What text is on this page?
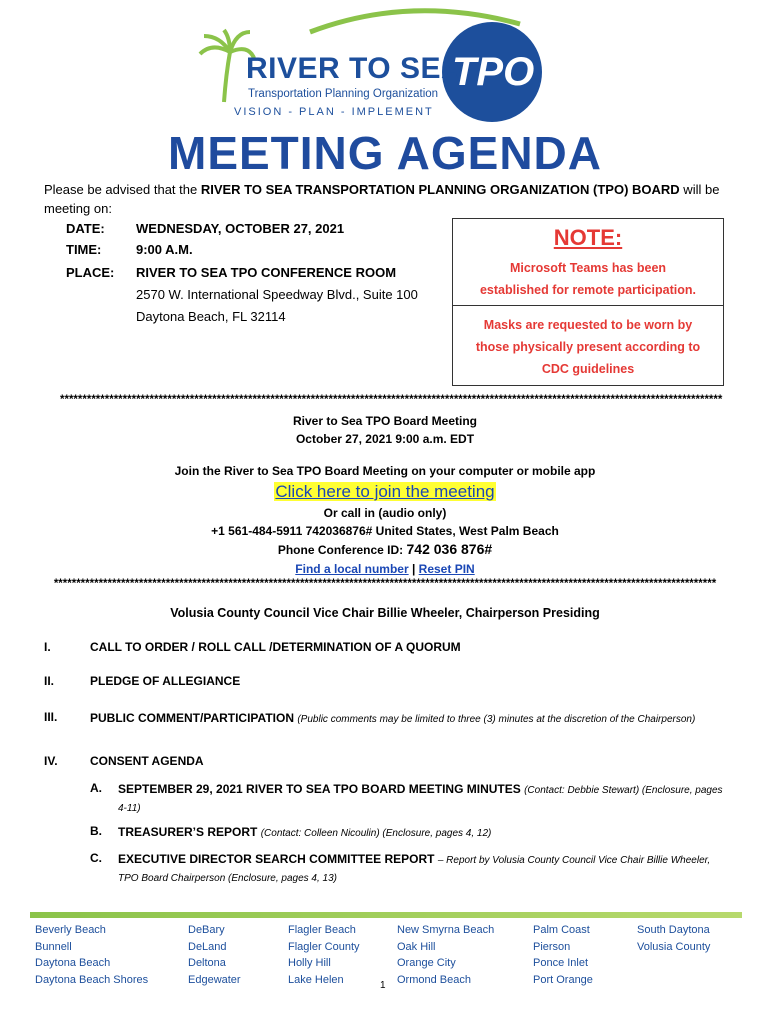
RIVER TO SEA
Transportation Planning Organization
VISION - PLAN - IMPLEMENT
TPO
MEETING AGENDA
Please be advised that the RIVER TO SEA TRANSPORTATION PLANNING ORGANIZATION (TPO) BOARD will be meeting on:
DATE: WEDNESDAY, OCTOBER 27, 2021
TIME:	9:00 A.M.
PLACE: RIVER TO SEA TPO CONFERENCE ROOM
2570 W. International Speedway Blvd., Suite 100
Daytona Beach, FL 32114
NOTE:
Microsoft Teams has been
established for remote participation.
Masks are requested to be worn by
those physically present according to
CDC guidelines
****************************************************************************************************************************************************
River to Sea TPO Board Meeting
October 27, 2021 9:00 a.m. EDT
Join the River to Sea TPO Board Meeting on your computer or mobile app
Click here to join the meeting
Or call in (audio only)
+1 561-484-5911 742036876# United States, West Palm Beach
Phone Conference ID: 742 036 876#
Find a local number | Reset PIN
****************************************************************************************************************************************************
Volusia County Council Vice Chair Billie Wheeler, Chairperson Presiding
I.	CALL TO ORDER / ROLL CALL /DETERMINATION OF A QUORUM
II.	PLEDGE OF ALLEGIANCE
III.	PUBLIC COMMENT/PARTICIPATION (Public comments may be limited to three (3) minutes at the discretion of the Chairperson)
IV.	CONSENT AGENDA
A. SEPTEMBER 29, 2021 RIVER TO SEA TPO BOARD MEETING MINUTES (Contact: Debbie Stewart) (Enclosure, pages 4-11)
B. TREASURER’S REPORT (Contact: Colleen Nicoulin) (Enclosure, pages 4, 12)
C. EXECUTIVE DIRECTOR SEARCH COMMITTEE REPORT – Report by Volusia County Council Vice Chair Billie Wheeler, TPO Board Chairperson (Enclosure, pages 4, 13)
Beverly Beach
Bunnell
Daytona Beach
Daytona Beach Shores
DeBary
DeLand
Deltona
Edgewater
Flagler Beach
Flagler County
Holly Hill
Lake Helen
New Smyrna Beach
Oak Hill
Orange City
Ormond Beach
Palm Coast
Pierson
Ponce Inlet
Port Orange
South Daytona
Volusia County
1
